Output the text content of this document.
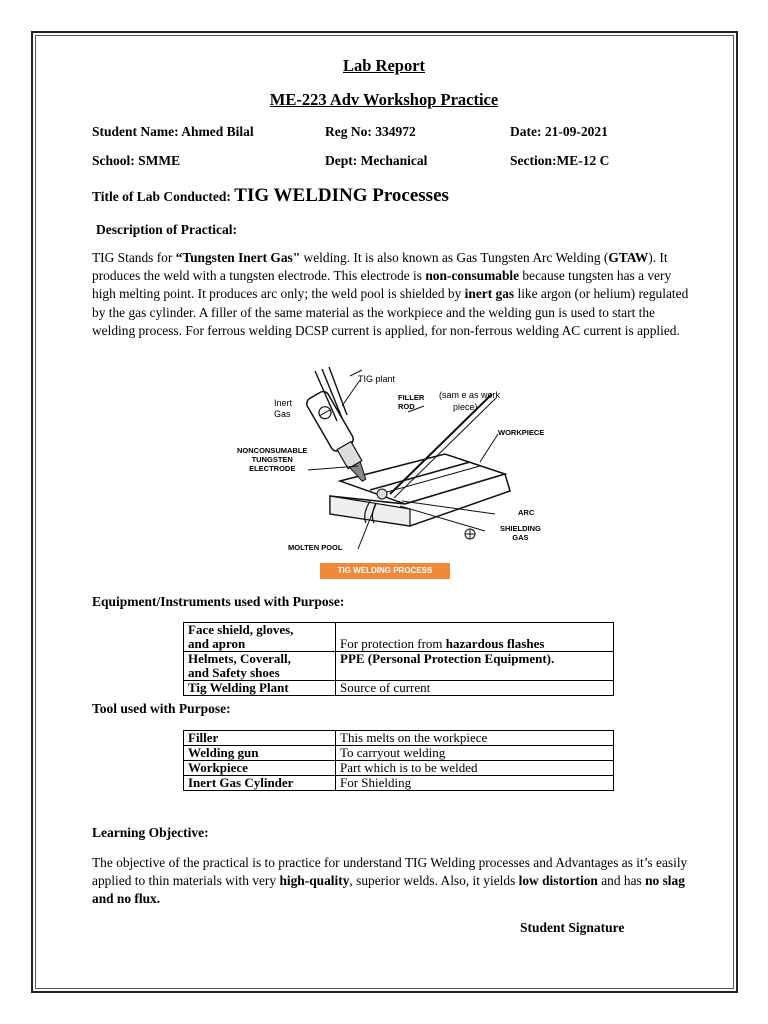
Lab Report
ME-223 Adv Workshop Practice
Student Name: Ahmed Bilal	Reg No: 334972	Date: 21-09-2021
School: SMME	Dept: Mechanical	Section:ME-12 C
Title of Lab Conducted: TIG WELDING Processes
Description of Practical:
TIG Stands for “Tungsten Inert Gas" welding. It is also known as Gas Tungsten Arc Welding (GTAW). It produces the weld with a tungsten electrode. This electrode is non-consumable because tungsten has a very high melting point. It produces arc only; the weld pool is shielded by inert gas like argon (or helium) regulated by the gas cylinder. A filler of the same material as the workpiece and the welding gun is used to start the welding process. For ferrous welding DCSP current is applied, for non-ferrous welding AC current is applied.
TIG plant
Inert
Gas
FILLER
ROD
(sam e as work
piece)
WORKPIECE
NONCONSUMABLE
TUNGSTEN
ELECTRODE
ARC
SHIELDING
GAS
MOLTEN POOL
TIG WELDING PROCESS
Equipment/Instruments used with Purpose:
Face shield, gloves,
and apron	For protection from hazardous flashes

Helmets, Coverall,
and Safety shoes	PPE (Personal Protection Equipment).
Tig Welding Plant	Source of current
Tool used with Purpose:
Filler	This melts on the workpiece
Welding gun	To carryout welding
Workpiece	Part which is to be welded
Inert Gas Cylinder	For Shielding
Learning Objective:
The objective of the practical is to practice for understand TIG Welding processes and Advantages as it’s easily applied to thin materials with very high-quality, superior welds. Also, it yields low distortion and has no slag and no flux.
Student Signature
